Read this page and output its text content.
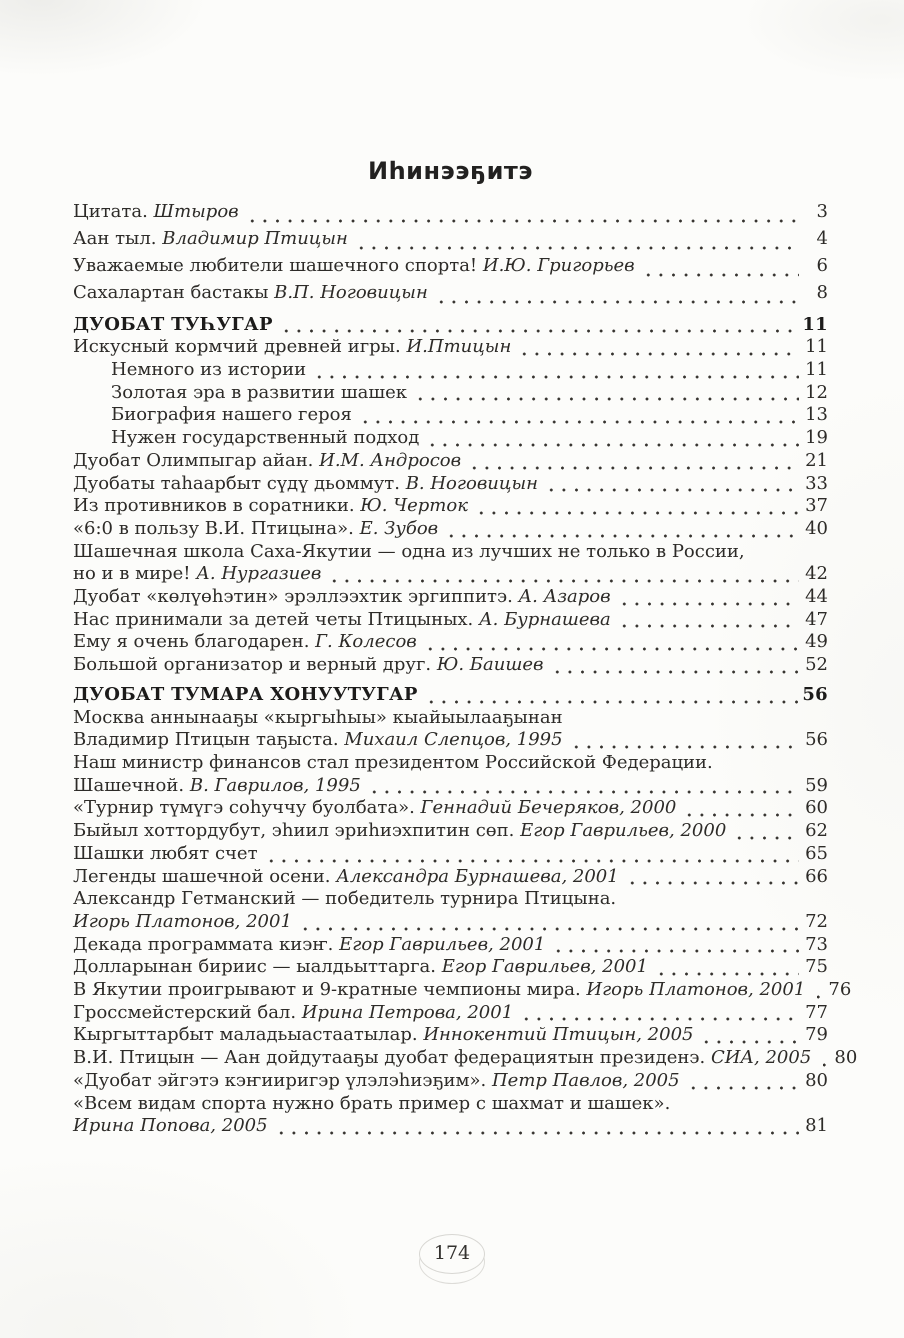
Иһинээҕитэ
Цитата. Штыров	3
Аан тыл. Владимир Птицын	4
Уважаемые любители шашечного спорта! И.Ю. Григорьев	6
Сахалартан бастакы В.П. Ноговицын	8
ДУОБАТ ТУҺУГАР	11
Искусный кормчий древней игры. И.Птицын	11
Немного из истории	11
Золотая эра в развитии шашек	12
Биография нашего героя	13
Нужен государственный подход	19
Дуобат Олимпыгар айан. И.М. Андросов	21
Дуобаты таһаарбыт сүдү дьоммут. В. Ноговицын	33
Из противников в соратники. Ю. Черток	37
«6:0 в пользу В.И. Птицына». Е. Зубов	40
Шашечная школа Саха-Якутии — одна из лучших не только в России,
но и в мире! А. Нургазиев	42
Дуобат «көлүөһэтин» эрэллээхтик эргиппитэ. А. Азаров	44
Нас принимали за детей четы Птицыных. А. Бурнашева	47
Ему я очень благодарен. Г. Колесов	49
Большой организатор и верный друг. Ю. Баишев	52
ДУОБАТ ТУМАРА ХОНУУТУГАР	56
Москва аннынааҕы «кыргыһыы» кыайыылааҕынан
Владимир Птицын таҕыста. Михаил Слепцов, 1995	56
Наш министр финансов стал президентом Российской Федерации.
Шашечной. В. Гаврилов, 1995	59
«Турнир түмүгэ соһуччу буолбата». Геннадий Бечеряков, 2000	60
Быйыл хоттордубут, эһиил эриһиэхпитин сөп. Егор Гаврильев, 2000	62
Шашки любят счет	65
Легенды шашечной осени. Александра Бурнашева, 2001	66
Александр Гетманский — победитель турнира Птицына.
Игорь Платонов, 2001	72
Декада программата киэҥ. Егор Гаврильев, 2001	73
Долларынан бириис — ыалдьыттарга. Егор Гаврильев, 2001	75
В Якутии проигрывают и 9-кратные чемпионы мира. Игорь Платонов, 2001 76
Гроссмейстерский бал. Ирина Петрова, 2001	77
Кыргыттарбыт маладьыастаатылар. Иннокентий Птицын, 2005	79
В.И. Птицын — Аан дойдутааҕы дуобат федерациятын президенэ. СИА, 2005 80
«Дуобат эйгэтэ кэҥииригэр үлэлэһиэҕим». Петр Павлов, 2005	80
«Всем видам спорта нужно брать пример с шахмат и шашек».
Ирина Попова, 2005	81
174
